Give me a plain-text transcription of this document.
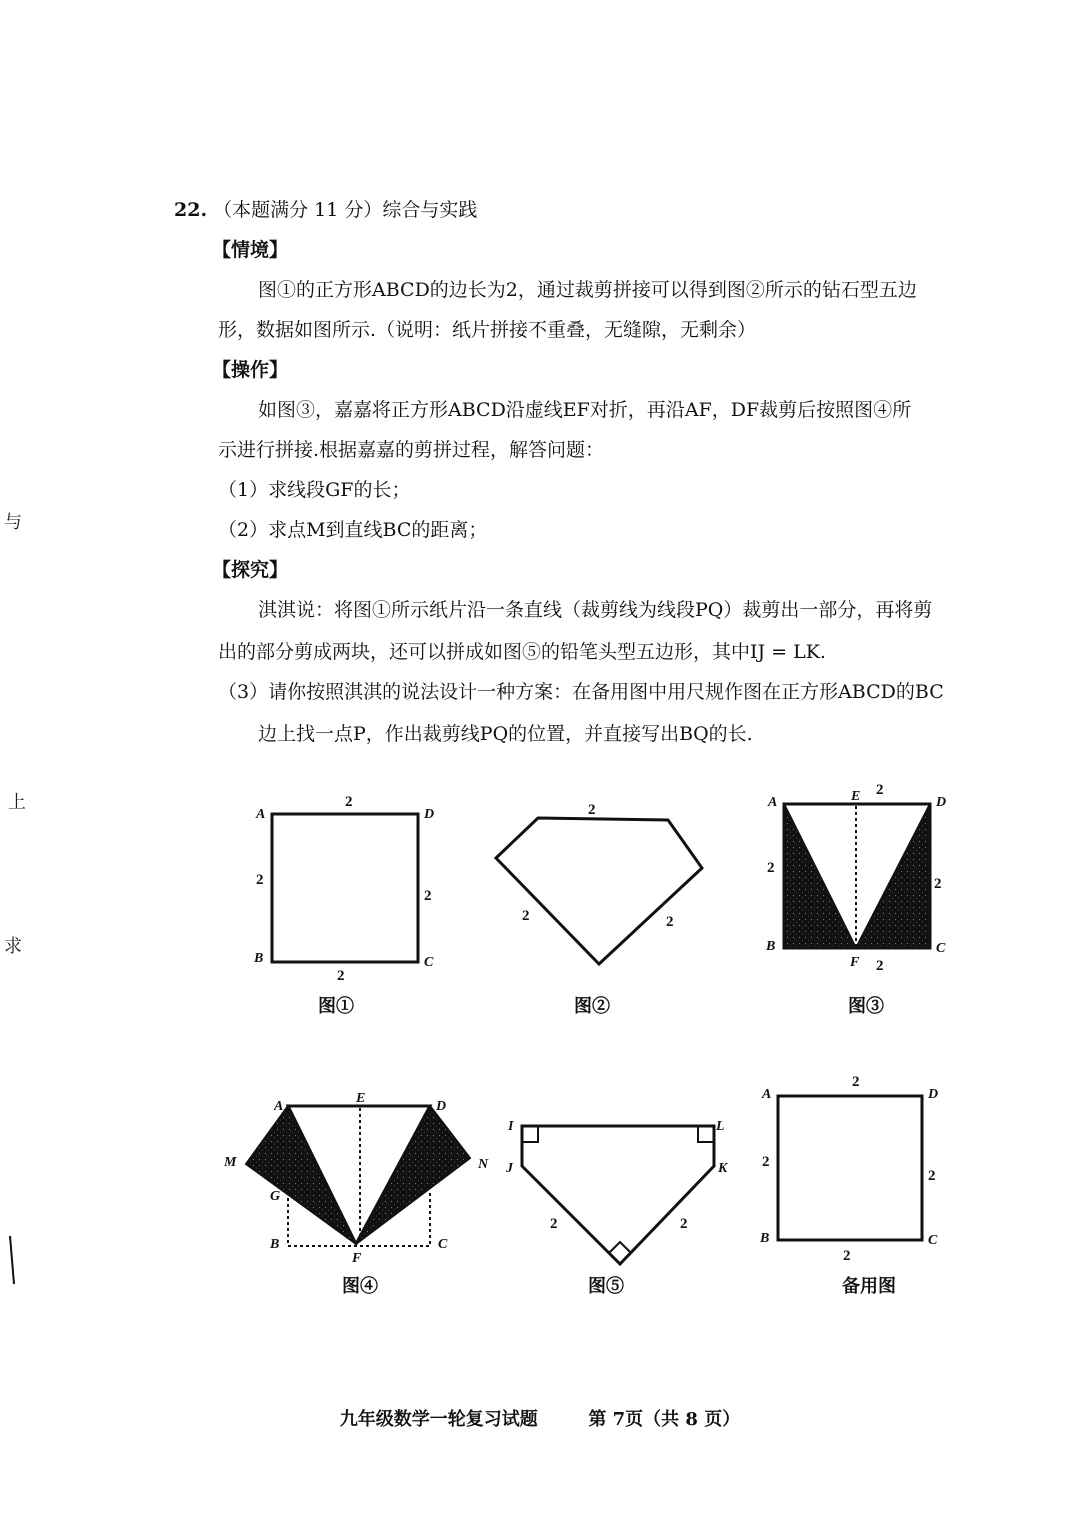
与
上
求
22. （本题满分 11 分）综合与实践
【情境】
图①的正方形ABCD的边长为2，通过裁剪拼接可以得到图②所示的钻石型五边
形，数据如图所示.（说明：纸片拼接不重叠，无缝隙，无剩余）
【操作】
如图③，嘉嘉将正方形ABCD沿虚线EF对折，再沿AF，DF裁剪后按照图④所
示进行拼接.根据嘉嘉的剪拼过程，解答问题：
（1）求线段GF的长；
（2）求点M到直线BC的距离；
【探究】
淇淇说：将图①所示纸片沿一条直线（裁剪线为线段PQ）裁剪出一部分，再将剪
出的部分剪成两块，还可以拼成如图⑤的铅笔头型五边形，其中IJ = LK.
（3）请你按照淇淇的说法设计一种方案：在备用图中用尺规作图在正方形ABCD的BC
边上找一点P，作出裁剪线PQ的位置，并直接写出BQ的长.
A	D
B	C
2
2
2
2
图①
2
2	2
图②
A	E	D
B
F
C
2
2
2
2
图③
A
E
D
M	N
G
B
F
C
图④
I	L
J	K
2	2
图⑤
A	D
B	C
2
2
2
2
备用图
九年级数学一轮复习试题	第 7页（共 8 页）
